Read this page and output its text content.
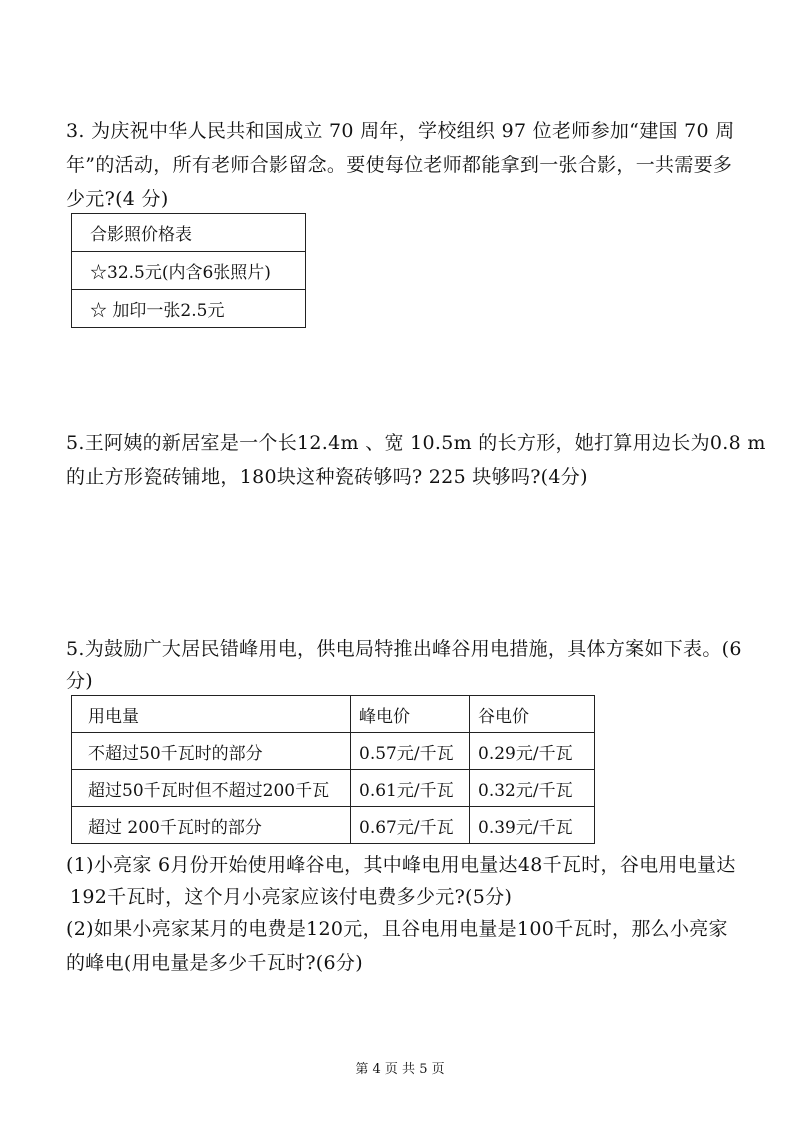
3. 为庆祝中华人民共和国成立 70 周年，学校组织 97 位老师参加“建国 70 周
年”的活动，所有老师合影留念。要使每位老师都能拿到一张合影，一共需要多
少元?(4 分)
合影照价格表
☆32.5元(内含6张照片)
☆ 加印一张2.5元
5.王阿姨的新居室是一个长12.4m 、宽 10.5m 的长方形，她打算用边长为0.8 m
的止方形瓷砖铺地，180块这种瓷砖够吗? 225 块够吗?(4分)
5.为鼓励广大居民错峰用电，供电局特推出峰谷用电措施，具体方案如下表。(6
分)
用电量	峰电价	谷电价
不超过50千瓦时的部分	0.57元/千瓦	0.29元/千瓦
超过50千瓦时但不超过200千瓦	0.61元/千瓦	0.32元/千瓦
超过 200千瓦时的部分	0.67元/千瓦	0.39元/千瓦
(1)小亮家 6月份开始使用峰谷电，其中峰电用电量达48千瓦时，谷电用电量达
192千瓦时，这个月小亮家应该付电费多少元?(5分)
(2)如果小亮家某月的电费是120元，且谷电用电量是100千瓦时，那么小亮家
的峰电(用电量是多少千瓦时?(6分)
第 4 页 共 5 页
